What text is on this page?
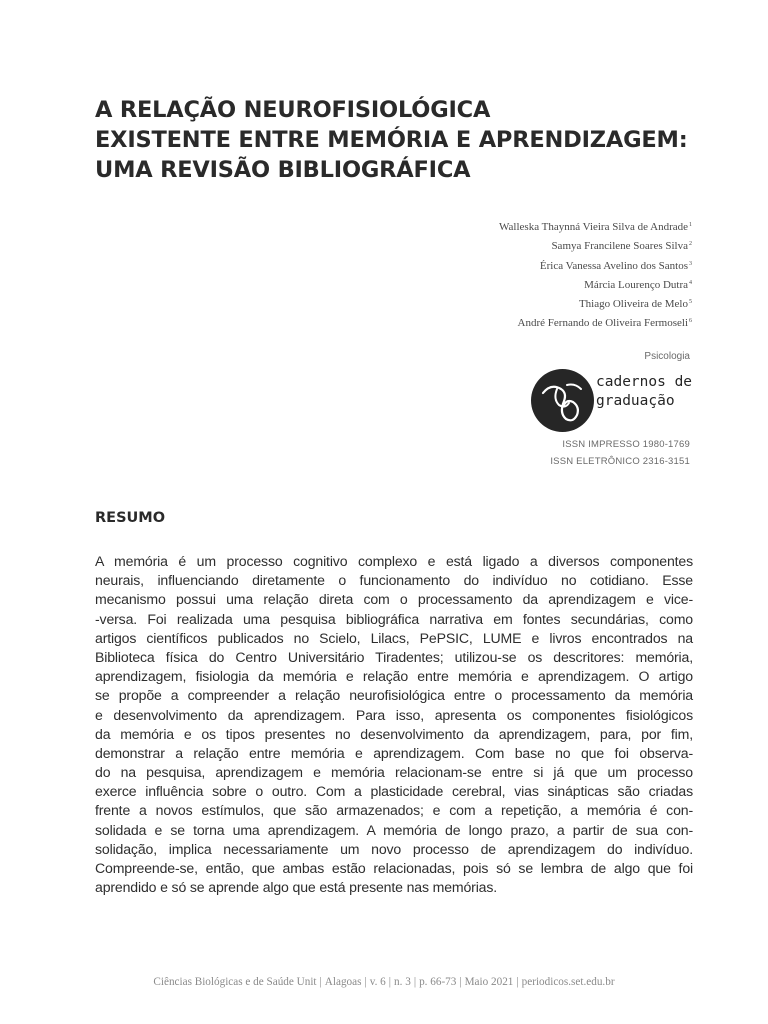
A RELAÇÃO NEUROFISIOLÓGICA
EXISTENTE ENTRE MEMÓRIA E APRENDIZAGEM:
UMA REVISÃO BIBLIOGRÁFICA
Walleska Thaynná Vieira Silva de Andrade$^1$
Samya Francilene Soares Silva$^2$
Érica Vanessa Avelino dos Santos$^3$
Márcia Lourenço Dutra$^4$
Thiago Oliveira de Melo$^5$
André Fernando de Oliveira Fermoseli$^6$
Psicologia
cadernos de
graduação
ISSN IMPRESSO 1980-1769
ISSN ELETRÔNICO 2316-3151
RESUMO
A memória é um processo cognitivo complexo e está ligado a diversos componentes
neurais, influenciando diretamente o funcionamento do indivíduo no cotidiano. Esse
mecanismo possui uma relação direta com o processamento da aprendizagem e vice-
-versa. Foi realizada uma pesquisa bibliográfica narrativa em fontes secundárias, como
artigos científicos publicados no Scielo, Lilacs, PePSIC, LUME e livros encontrados na
Biblioteca física do Centro Universitário Tiradentes; utilizou-se os descritores: memória,
aprendizagem, fisiologia da memória e relação entre memória e aprendizagem. O artigo
se propõe a compreender a relação neurofisiológica entre o processamento da memória
e desenvolvimento da aprendizagem. Para isso, apresenta os componentes fisiológicos
da memória e os tipos presentes no desenvolvimento da aprendizagem, para, por fim,
demonstrar a relação entre memória e aprendizagem. Com base no que foi observa-
do na pesquisa, aprendizagem e memória relacionam-se entre si já que um processo
exerce influência sobre o outro. Com a plasticidade cerebral, vias sinápticas são criadas
frente a novos estímulos, que são armazenados; e com a repetição, a memória é con-
solidada e se torna uma aprendizagem. A memória de longo prazo, a partir de sua con-
solidação, implica necessariamente um novo processo de aprendizagem do indivíduo.
Compreende-se, então, que ambas estão relacionadas, pois só se lembra de algo que foi
aprendido e só se aprende algo que está presente nas memórias.
Ciências Biológicas e de Saúde Unit | Alagoas | v. 6 | n. 3 | p. 66-73 | Maio 2021 | periodicos.set.edu.br
